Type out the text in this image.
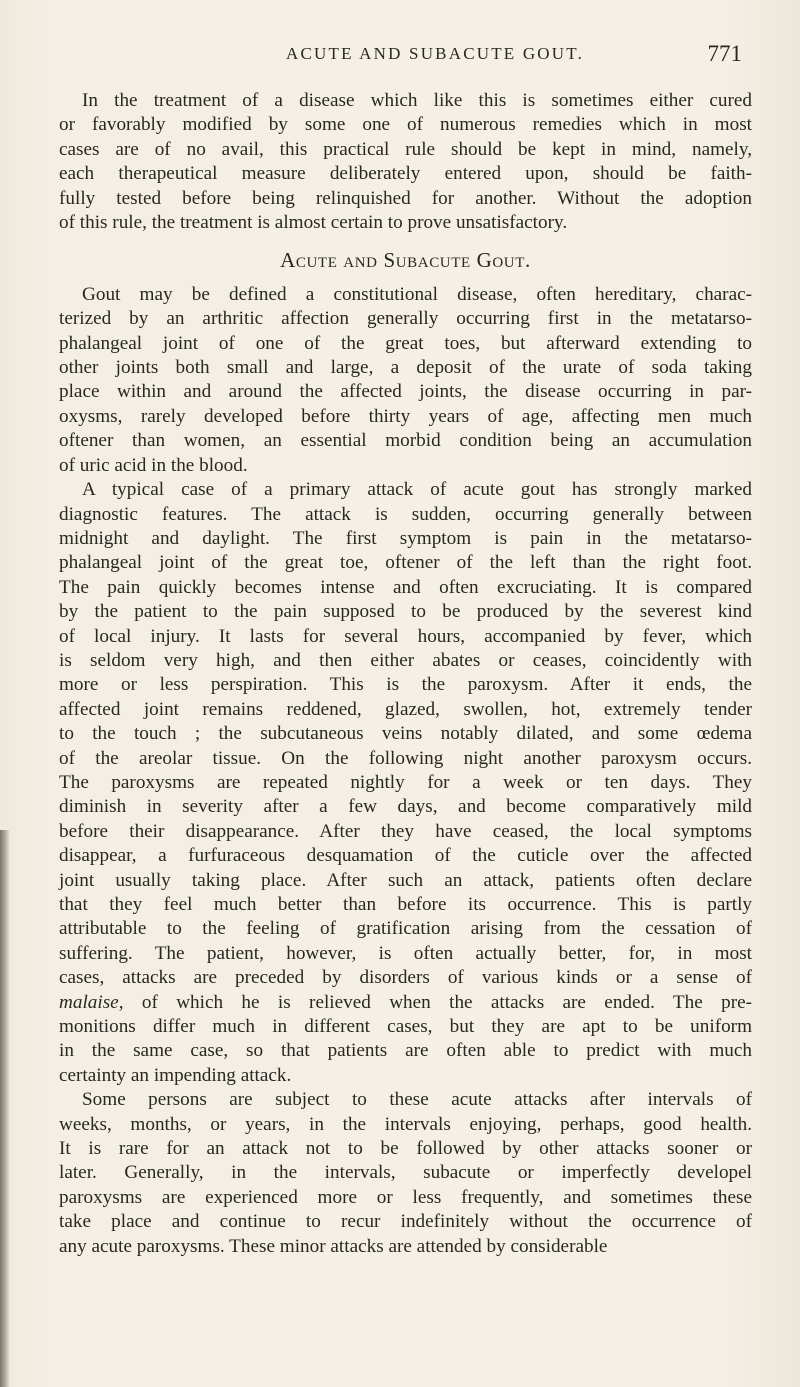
ACUTE AND SUBACUTE GOUT.	771
In the treatment of a disease which like this is sometimes either cured
or favorably modified by some one of numerous remedies which in most
cases are of no avail, this practical rule should be kept in mind, namely,
each therapeutical measure deliberately entered upon, should be faith-
fully tested before being relinquished for another. Without the adoption
of this rule, the treatment is almost certain to prove unsatisfactory.
Acute and Subacute Gout.
Gout may be defined a constitutional disease, often hereditary, charac-
terized by an arthritic affection generally occurring first in the metatarso-
phalangeal joint of one of the great toes, but afterward extending to
other joints both small and large, a deposit of the urate of soda taking
place within and around the affected joints, the disease occurring in par-
oxysms, rarely developed before thirty years of age, affecting men much
oftener than women, an essential morbid condition being an accumulation
of uric acid in the blood.
A typical case of a primary attack of acute gout has strongly marked
diagnostic features. The attack is sudden, occurring generally between
midnight and daylight. The first symptom is pain in the metatarso-
phalangeal joint of the great toe, oftener of the left than the right foot.
The pain quickly becomes intense and often excruciating. It is compared
by the patient to the pain supposed to be produced by the severest kind
of local injury. It lasts for several hours, accompanied by fever, which
is seldom very high, and then either abates or ceases, coincidently with
more or less perspiration. This is the paroxysm. After it ends, the
affected joint remains reddened, glazed, swollen, hot, extremely tender
to the touch ; the subcutaneous veins notably dilated, and some œdema
of the areolar tissue. On the following night another paroxysm occurs.
The paroxysms are repeated nightly for a week or ten days. They
diminish in severity after a few days, and become comparatively mild
before their disappearance. After they have ceased, the local symptoms
disappear, a furfuraceous desquamation of the cuticle over the affected
joint usually taking place. After such an attack, patients often declare
that they feel much better than before its occurrence. This is partly
attributable to the feeling of gratification arising from the cessation of
suffering. The patient, however, is often actually better, for, in most
cases, attacks are preceded by disorders of various kinds or a sense of
malaise, of which he is relieved when the attacks are ended. The pre-
monitions differ much in different cases, but they are apt to be uniform
in the same case, so that patients are often able to predict with much
certainty an impending attack.
Some persons are subject to these acute attacks after intervals of
weeks, months, or years, in the intervals enjoying, perhaps, good health.
It is rare for an attack not to be followed by other attacks sooner or
later. Generally, in the intervals, subacute or imperfectly developel
paroxysms are experienced more or less frequently, and sometimes these
take place and continue to recur indefinitely without the occurrence of
any acute paroxysms. These minor attacks are attended by considerable
